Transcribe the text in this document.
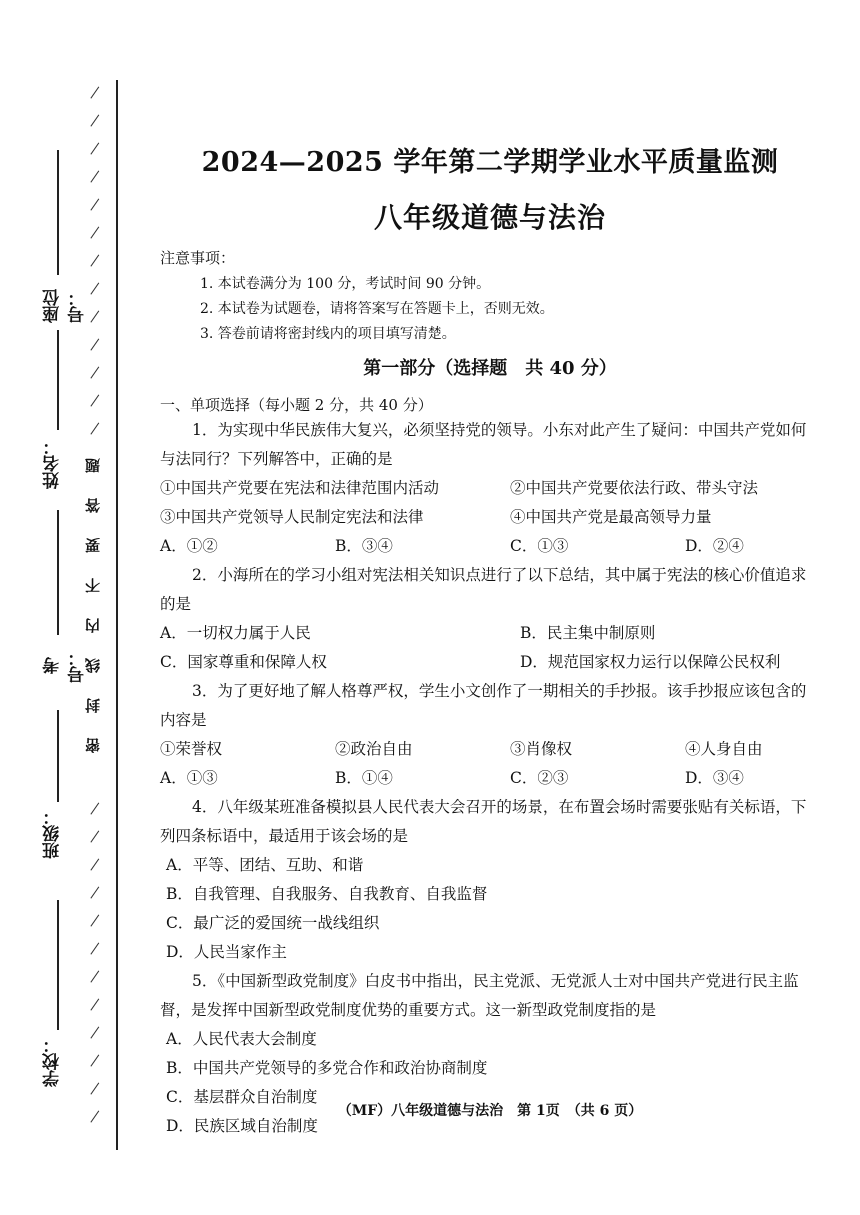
座位号：
姓名：
考号：
班级：
学校：
密
封
线
内
不
要
答
题
2024—2025 学年第二学期学业水平质量监测
八年级道德与法治
注意事项：
1. 本试卷满分为 100 分，考试时间 90 分钟。
2. 本试卷为试题卷，请将答案写在答题卡上，否则无效。
3. 答卷前请将密封线内的项目填写清楚。
第一部分（选择题　共 40 分）
一、单项选择（每小题 2 分，共 40 分）
1．为实现中华民族伟大复兴，必须坚持党的领导。小东对此产生了疑问：中国共产党如何与法同行？下列解答中，正确的是
①中国共产党要在宪法和法律范围内活动	②中国共产党要依法行政、带头守法
③中国共产党领导人民制定宪法和法律	④中国共产党是最高领导力量
A．①②	B．③④	C．①③	D．②④
2．小海所在的学习小组对宪法相关知识点进行了以下总结，其中属于宪法的核心价值追求的是
A．一切权力属于人民	B．民主集中制原则
C．国家尊重和保障人权	D．规范国家权力运行以保障公民权利
3．为了更好地了解人格尊严权，学生小文创作了一期相关的手抄报。该手抄报应该包含的内容是
①荣誉权	②政治自由	③肖像权	④人身自由
A．①③	B．①④	C．②③	D．③④
4．八年级某班准备模拟县人民代表大会召开的场景，在布置会场时需要张贴有关标语，下列四条标语中，最适用于该会场的是
A．平等、团结、互助、和谐
B．自我管理、自我服务、自我教育、自我监督
C．最广泛的爱国统一战线组织
D．人民当家作主
5．《中国新型政党制度》白皮书中指出，民主党派、无党派人士对中国共产党进行民主监督，是发挥中国新型政党制度优势的重要方式。这一新型政党制度指的是
A．人民代表大会制度
B．中国共产党领导的多党合作和政治协商制度
C．基层群众自治制度
D．民族区域自治制度
（MF）八年级道德与法治　第 1页　（共 6 页）
